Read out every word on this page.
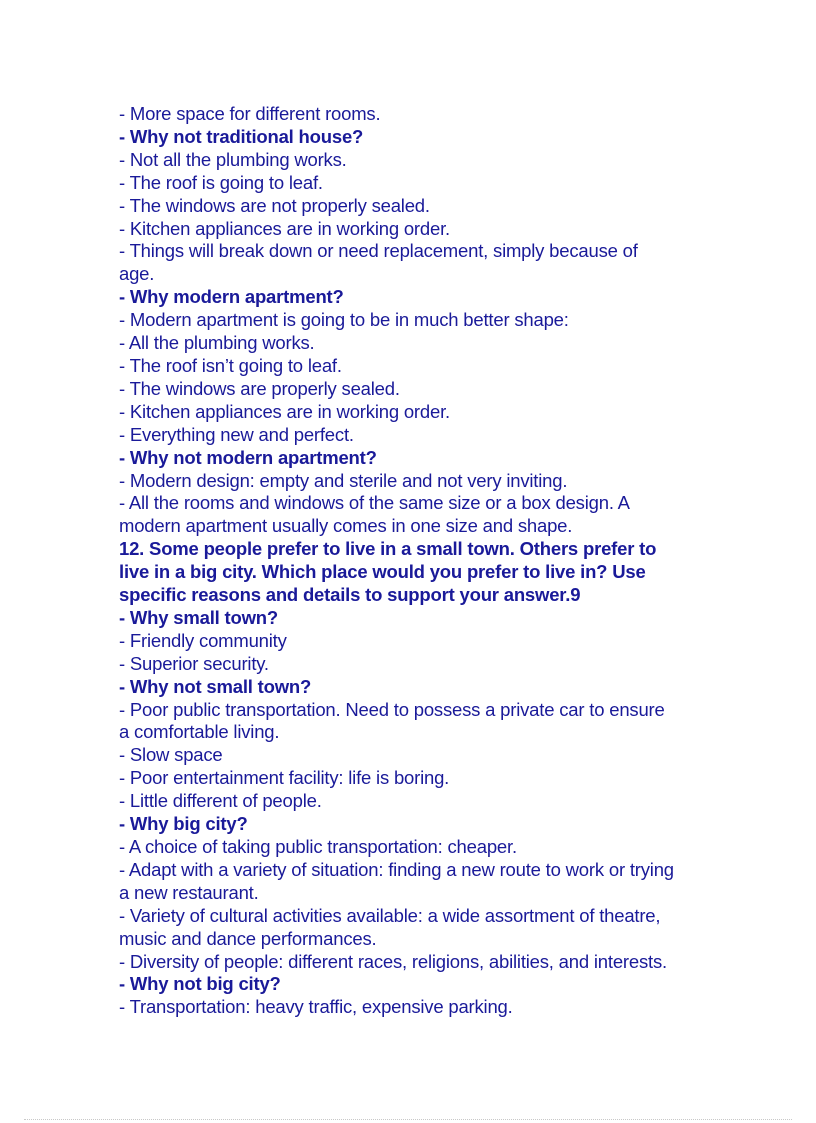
- More space for different rooms.
- Why not traditional house?
- Not all the plumbing works.
- The roof is going to leaf.
- The windows are not properly sealed.
- Kitchen appliances are in working order.
- Things will break down or need replacement, simply because of
age.
- Why modern apartment?
- Modern apartment is going to be in much better shape:
- All the plumbing works.
- The roof isn’t going to leaf.
- The windows are properly sealed.
- Kitchen appliances are in working order.
- Everything new and perfect.
- Why not modern apartment?
- Modern design: empty and sterile and not very inviting.
- All the rooms and windows of the same size or a box design. A
modern apartment usually comes in one size and shape.
12. Some people prefer to live in a small town. Others prefer to
live in a big city. Which place would you prefer to live in? Use
specific reasons and details to support your answer.9
- Why small town?
- Friendly community
- Superior security.
- Why not small town?
- Poor public transportation. Need to possess a private car to ensure
a comfortable living.
- Slow space
- Poor entertainment facility: life is boring.
- Little different of people.
- Why big city?
- A choice of taking public transportation: cheaper.
- Adapt with a variety of situation: finding a new route to work or trying
a new restaurant.
- Variety of cultural activities available: a wide assortment of theatre,
music and dance performances.
- Diversity of people: different races, religions, abilities, and interests.
- Why not big city?
- Transportation: heavy traffic, expensive parking.
